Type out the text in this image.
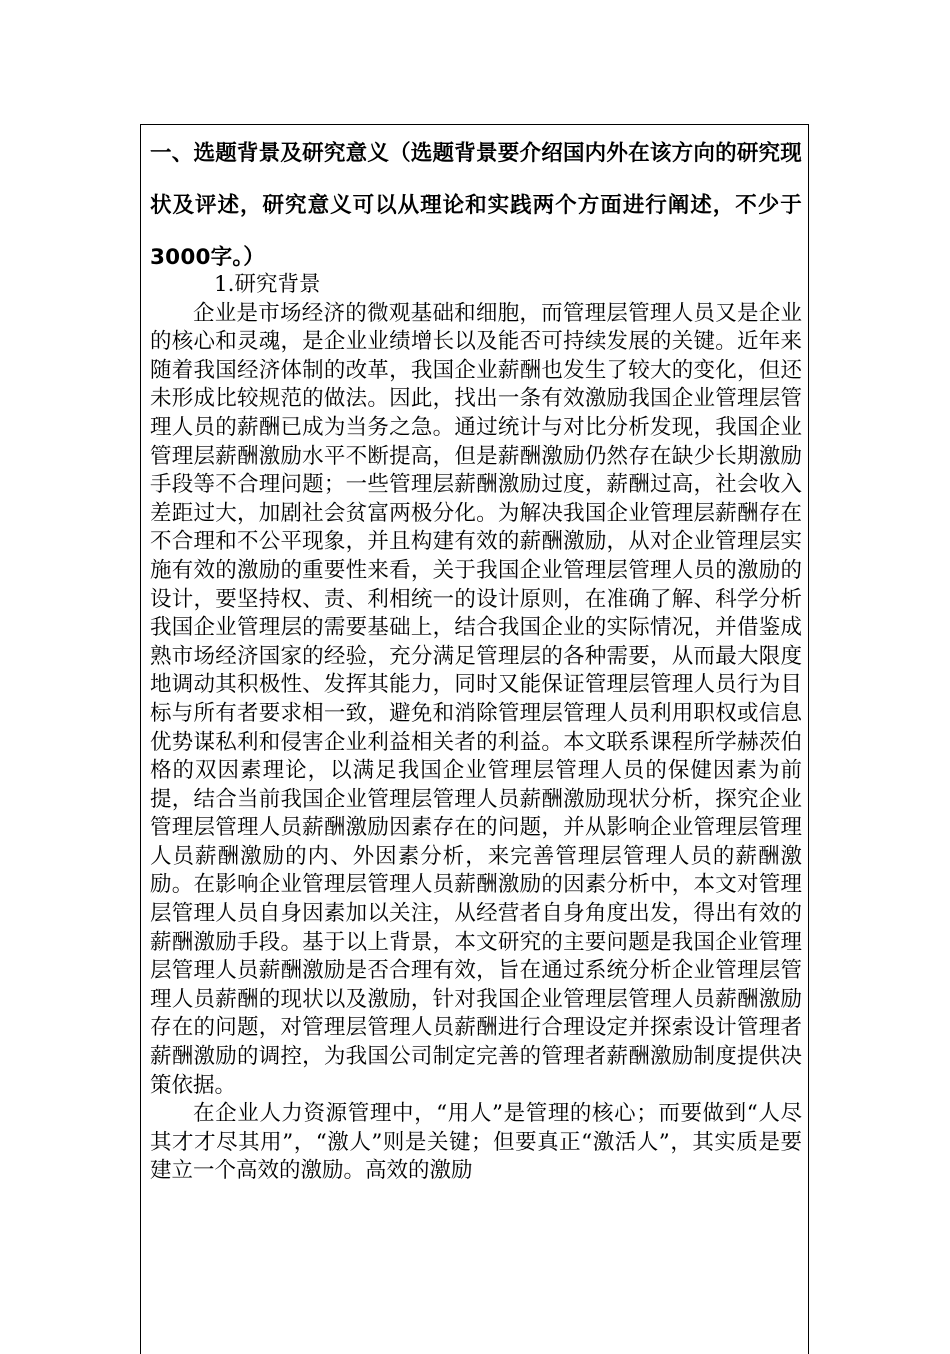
一、选题背景及研究意义（选题背景要介绍国内外在该方向的研究现状及评述，研究意义可以从理论和实践两个方面进行阐述，不少于3000字。）

1.研究背景

企业是市场经济的微观基础和细胞，而管理层管理人员又是企业的核心和灵魂，是企业业绩增长以及能否可持续发展的关键。近年来随着我国经济体制的改革，我国企业薪酬也发生了较大的变化，但还未形成比较规范的做法。因此，找出一条有效激励我国企业管理层管理人员的薪酬已成为当务之急。通过统计与对比分析发现，我国企业管理层薪酬激励水平不断提高，但是薪酬激励仍然存在缺少长期激励手段等不合理问题；一些管理层薪酬激励过度，薪酬过高，社会收入差距过大，加剧社会贫富两极分化。为解决我国企业管理层薪酬存在不合理和不公平现象，并且构建有效的薪酬激励，从对企业管理层实施有效的激励的重要性来看，关于我国企业管理层管理人员的激励的设计，要坚持权、责、利相统一的设计原则，在准确了解、科学分析我国企业管理层的需要基础上，结合我国企业的实际情况，并借鉴成熟市场经济国家的经验，充分满足管理层的各种需要，从而最大限度地调动其积极性、发挥其能力，同时又能保证管理层管理人员行为目标与所有者要求相一致，避免和消除管理层管理人员利用职权或信息优势谋私利和侵害企业利益相关者的利益。本文联系课程所学赫茨伯格的双因素理论，以满足我国企业管理层管理人员的保健因素为前提，结合当前我国企业管理层管理人员薪酬激励现状分析，探究企业管理层管理人员薪酬激励因素存在的问题，并从影响企业管理层管理人员薪酬激励的内、外因素分析，来完善管理层管理人员的薪酬激励。在影响企业管理层管理人员薪酬激励的因素分析中，本文对管理层管理人员自身因素加以关注，从经营者自身角度出发，得出有效的薪酬激励手段。基于以上背景，本文研究的主要问题是我国企业管理层管理人员薪酬激励是否合理有效，旨在通过系统分析企业管理层管理人员薪酬的现状以及激励，针对我国企业管理层管理人员薪酬激励存在的问题，对管理层管理人员薪酬进行合理设定并探索设计管理者薪酬激励的调控，为我国公司制定完善的管理者薪酬激励制度提供决策依据。

在企业人力资源管理中，“用人”是管理的核心；而要做到“人尽其才才尽其用”，“激人”则是关键；但要真正“激活人”，其实质是要建立一个高效的激励。高效的激励
